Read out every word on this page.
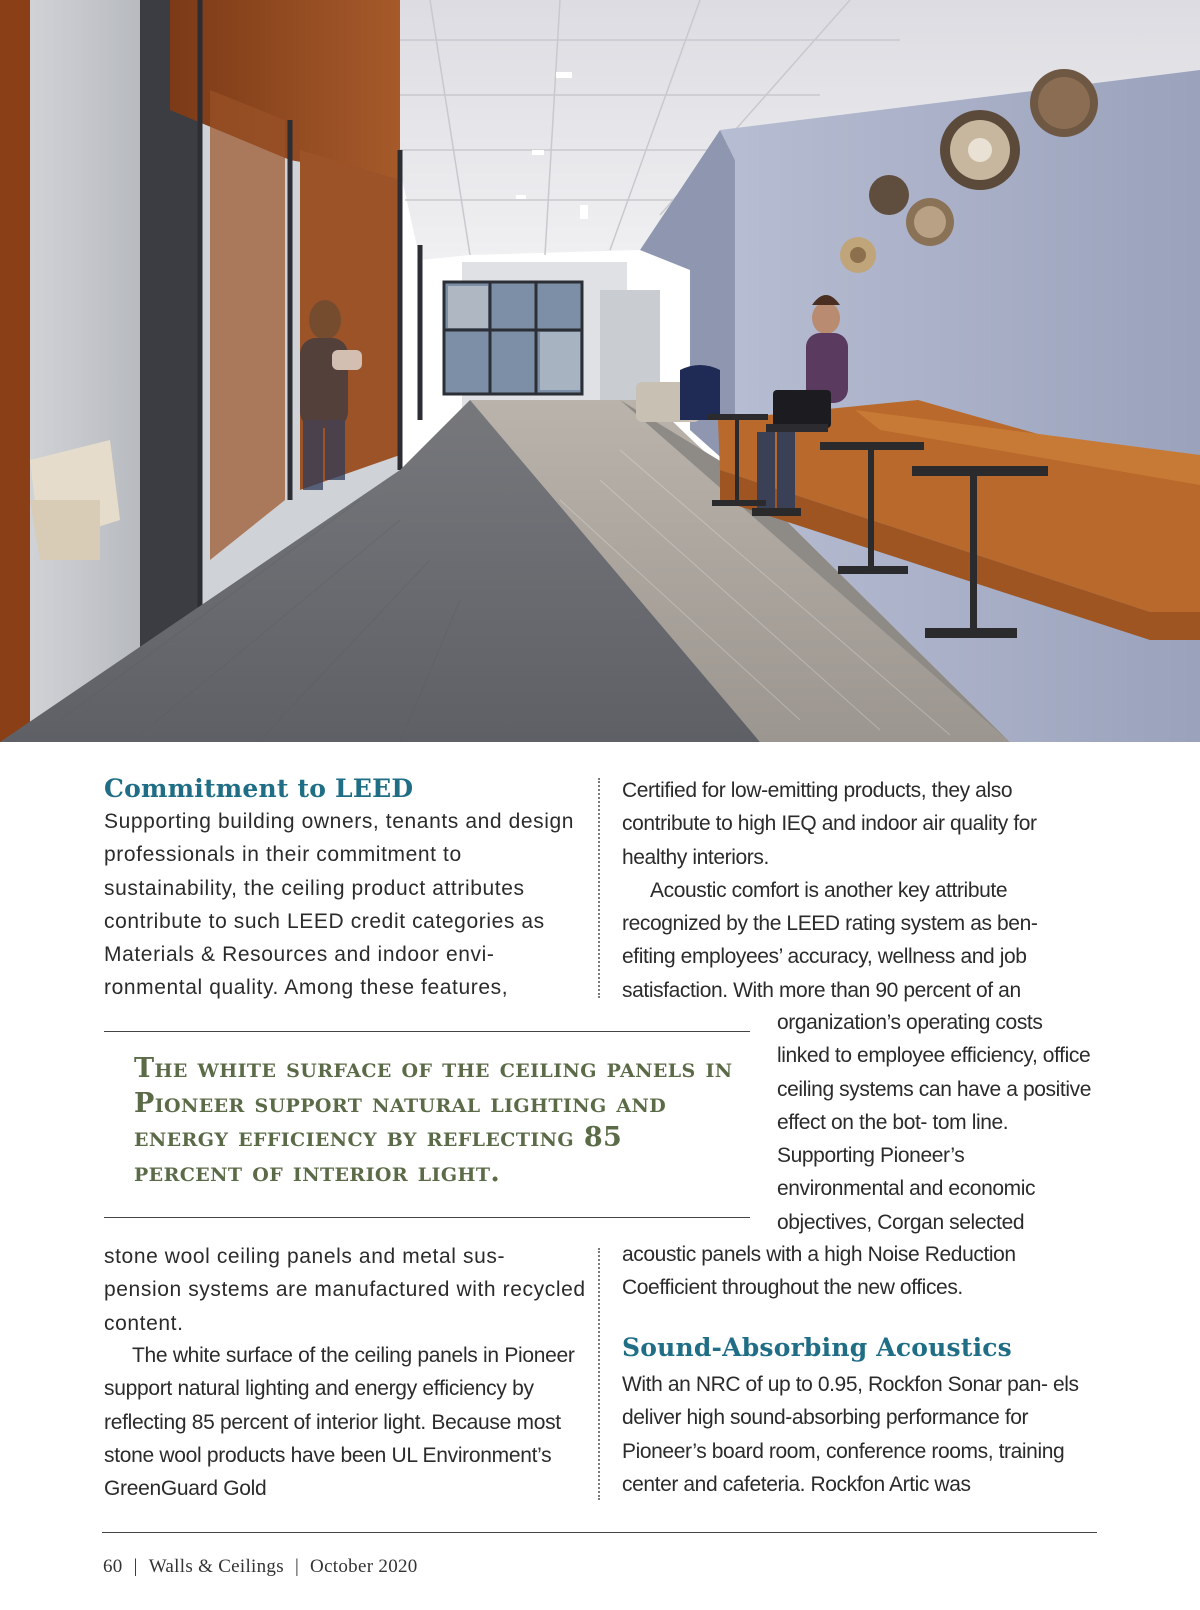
Commitment to LEED

Supporting building owners, tenants and design professionals in their commitment to sustainability, the ceiling product attributes contribute to such LEED credit categories as Materials & Resources and indoor envi- ronmental quality. Among these features,

Certified for low-emitting products, they also contribute to high IEQ and indoor air quality for healthy interiors.

Acoustic comfort is another key attribute recognized by the LEED rating system as ben- efiting employees’ accuracy, wellness and job satisfaction. With more than 90 percent of an

The white surface of the ceiling panels in Pioneer support natural lighting and energy efficiency by reflecting 85 percent of interior light.

organization’s operating costs linked to employee efficiency, office ceiling systems can have a positive effect on the bot- tom line. Supporting Pioneer’s environmental and economic objectives, Corgan selected

acoustic panels with a high Noise Reduction Coefficient throughout the new offices.

stone wool ceiling panels and metal sus- pension systems are manufactured with recycled content.

The white surface of the ceiling panels in Pioneer support natural lighting and energy efficiency by reflecting 85 percent of interior light. Because most stone wool products have been UL Environment’s GreenGuard Gold

Sound-Absorbing Acoustics

With an NRC of up to 0.95, Rockfon Sonar pan- els deliver high sound-absorbing performance for Pioneer’s board room, conference rooms, training center and cafeteria. Rockfon Artic was

60 | Walls & Ceilings | October 2020
